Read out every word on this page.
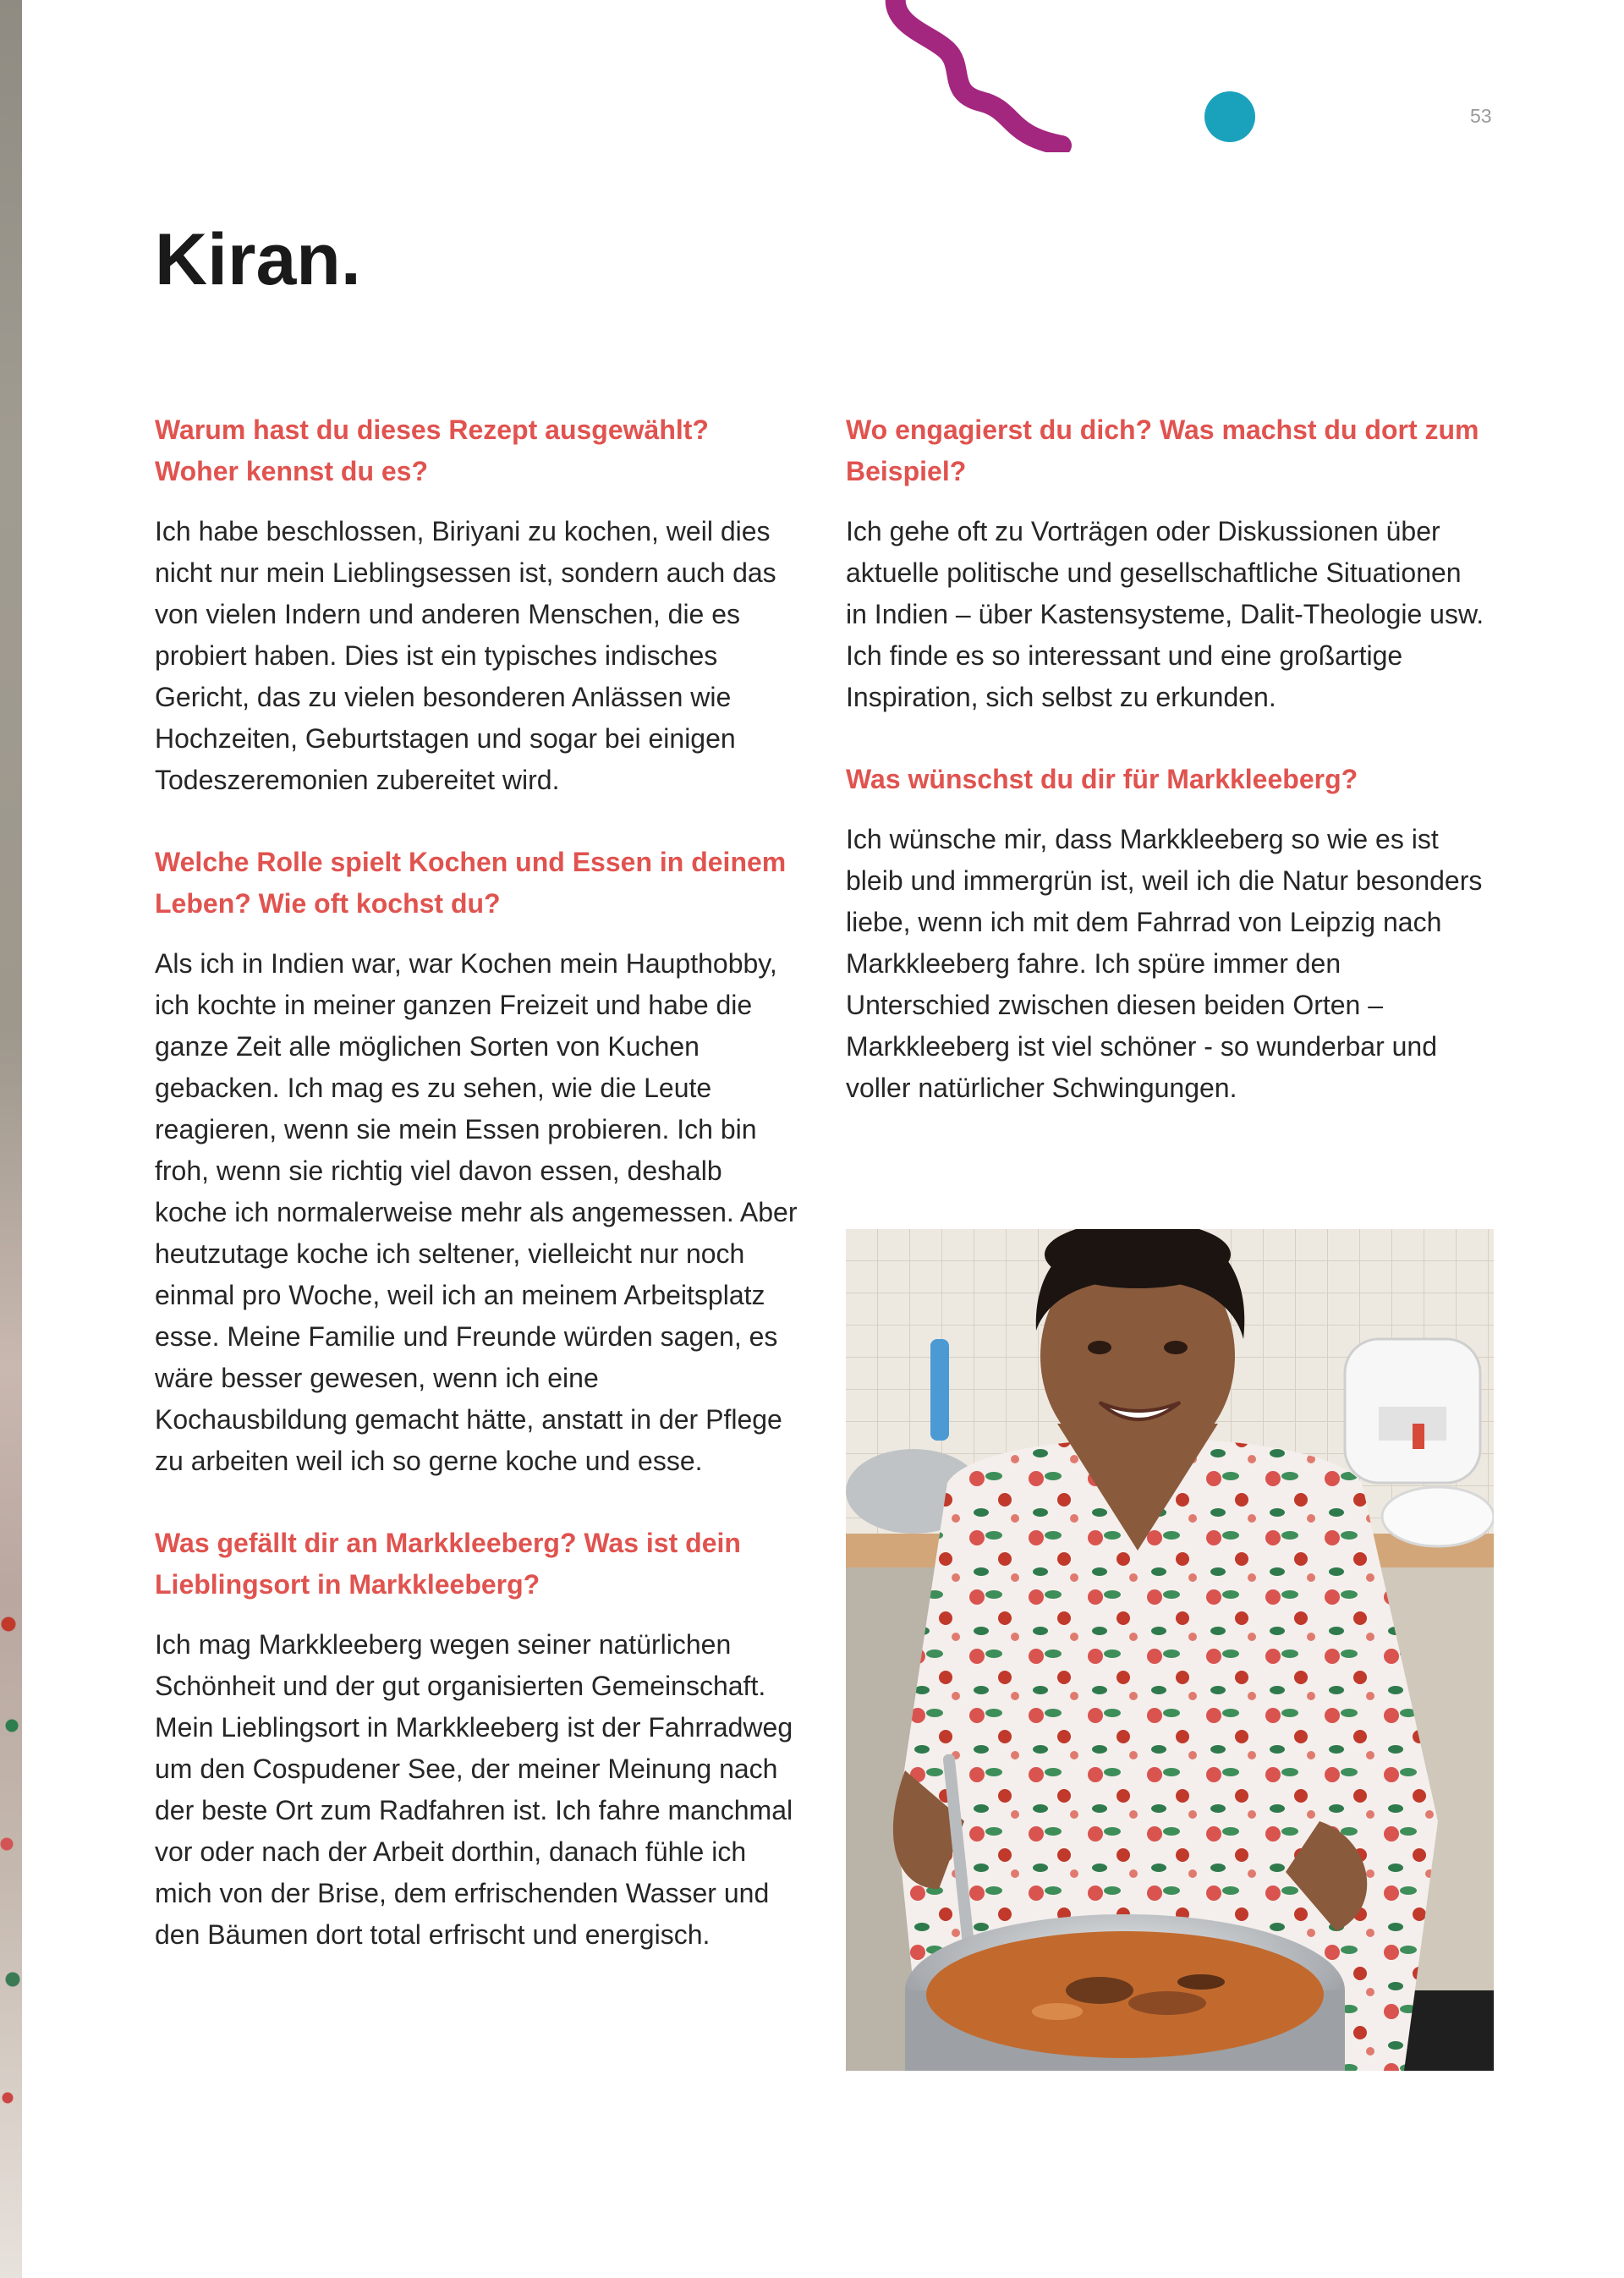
53
Kiran.
Warum hast du dieses Rezept ausgewählt? Woher kennst du es?

Ich habe beschlossen, Biriyani zu kochen, weil dies nicht nur mein Lieblingsessen ist, sondern auch das von vielen Indern und anderen Menschen, die es probiert haben. Dies ist ein typisches indisches Gericht, das zu vielen besonderen Anlässen wie Hochzeiten, Geburtstagen und sogar bei einigen Todeszeremonien zubereitet wird.

Welche Rolle spielt Kochen und Essen in deinem Leben? Wie oft kochst du?

Als ich in Indien war, war Kochen mein Haupthobby, ich kochte in meiner ganzen Freizeit und habe die ganze Zeit alle möglichen Sorten von Kuchen gebacken. Ich mag es zu sehen, wie die Leute reagieren, wenn sie mein Essen probieren. Ich bin froh, wenn sie richtig viel davon essen, deshalb koche ich normalerweise mehr als angemessen. Aber heutzutage koche ich seltener, vielleicht nur noch einmal pro Woche, weil ich an meinem Arbeitsplatz esse. Meine Familie und Freunde würden sagen, es wäre besser gewesen, wenn ich eine Kochausbildung gemacht hätte, anstatt in der Pflege zu arbeiten weil ich so gerne koche und esse.

Was gefällt dir an Markkleeberg? Was ist dein Lieblingsort in Markkleeberg?

Ich mag Markkleeberg wegen seiner natürlichen Schönheit und der gut organisierten Gemeinschaft. Mein Lieblingsort in Markkleeberg ist der Fahrradweg um den Cospudener See, der meiner Meinung nach der beste Ort zum Radfahren ist. Ich fahre manchmal vor oder nach der Arbeit dorthin, danach fühle ich mich von der Brise, dem erfrischenden Wasser und den Bäumen dort total erfrischt und energisch.

Wo engagierst du dich? Was machst du dort zum Beispiel?

Ich gehe oft zu Vorträgen oder Diskussionen über aktuelle politische und gesellschaftliche Situationen in Indien – über Kastensysteme, Dalit-Theologie usw. Ich finde es so interessant und eine großartige Inspiration, sich selbst zu erkunden.

Was wünschst du dir für Markkleeberg?

Ich wünsche mir, dass Markkleeberg so wie es ist bleib und immergrün ist, weil ich die Natur besonders liebe, wenn ich mit dem Fahrrad von Leipzig nach Markkleeberg fahre. Ich spüre immer den Unterschied zwischen diesen beiden Orten – Markkleeberg ist viel schöner - so wunderbar und voller natürlicher Schwingungen.
